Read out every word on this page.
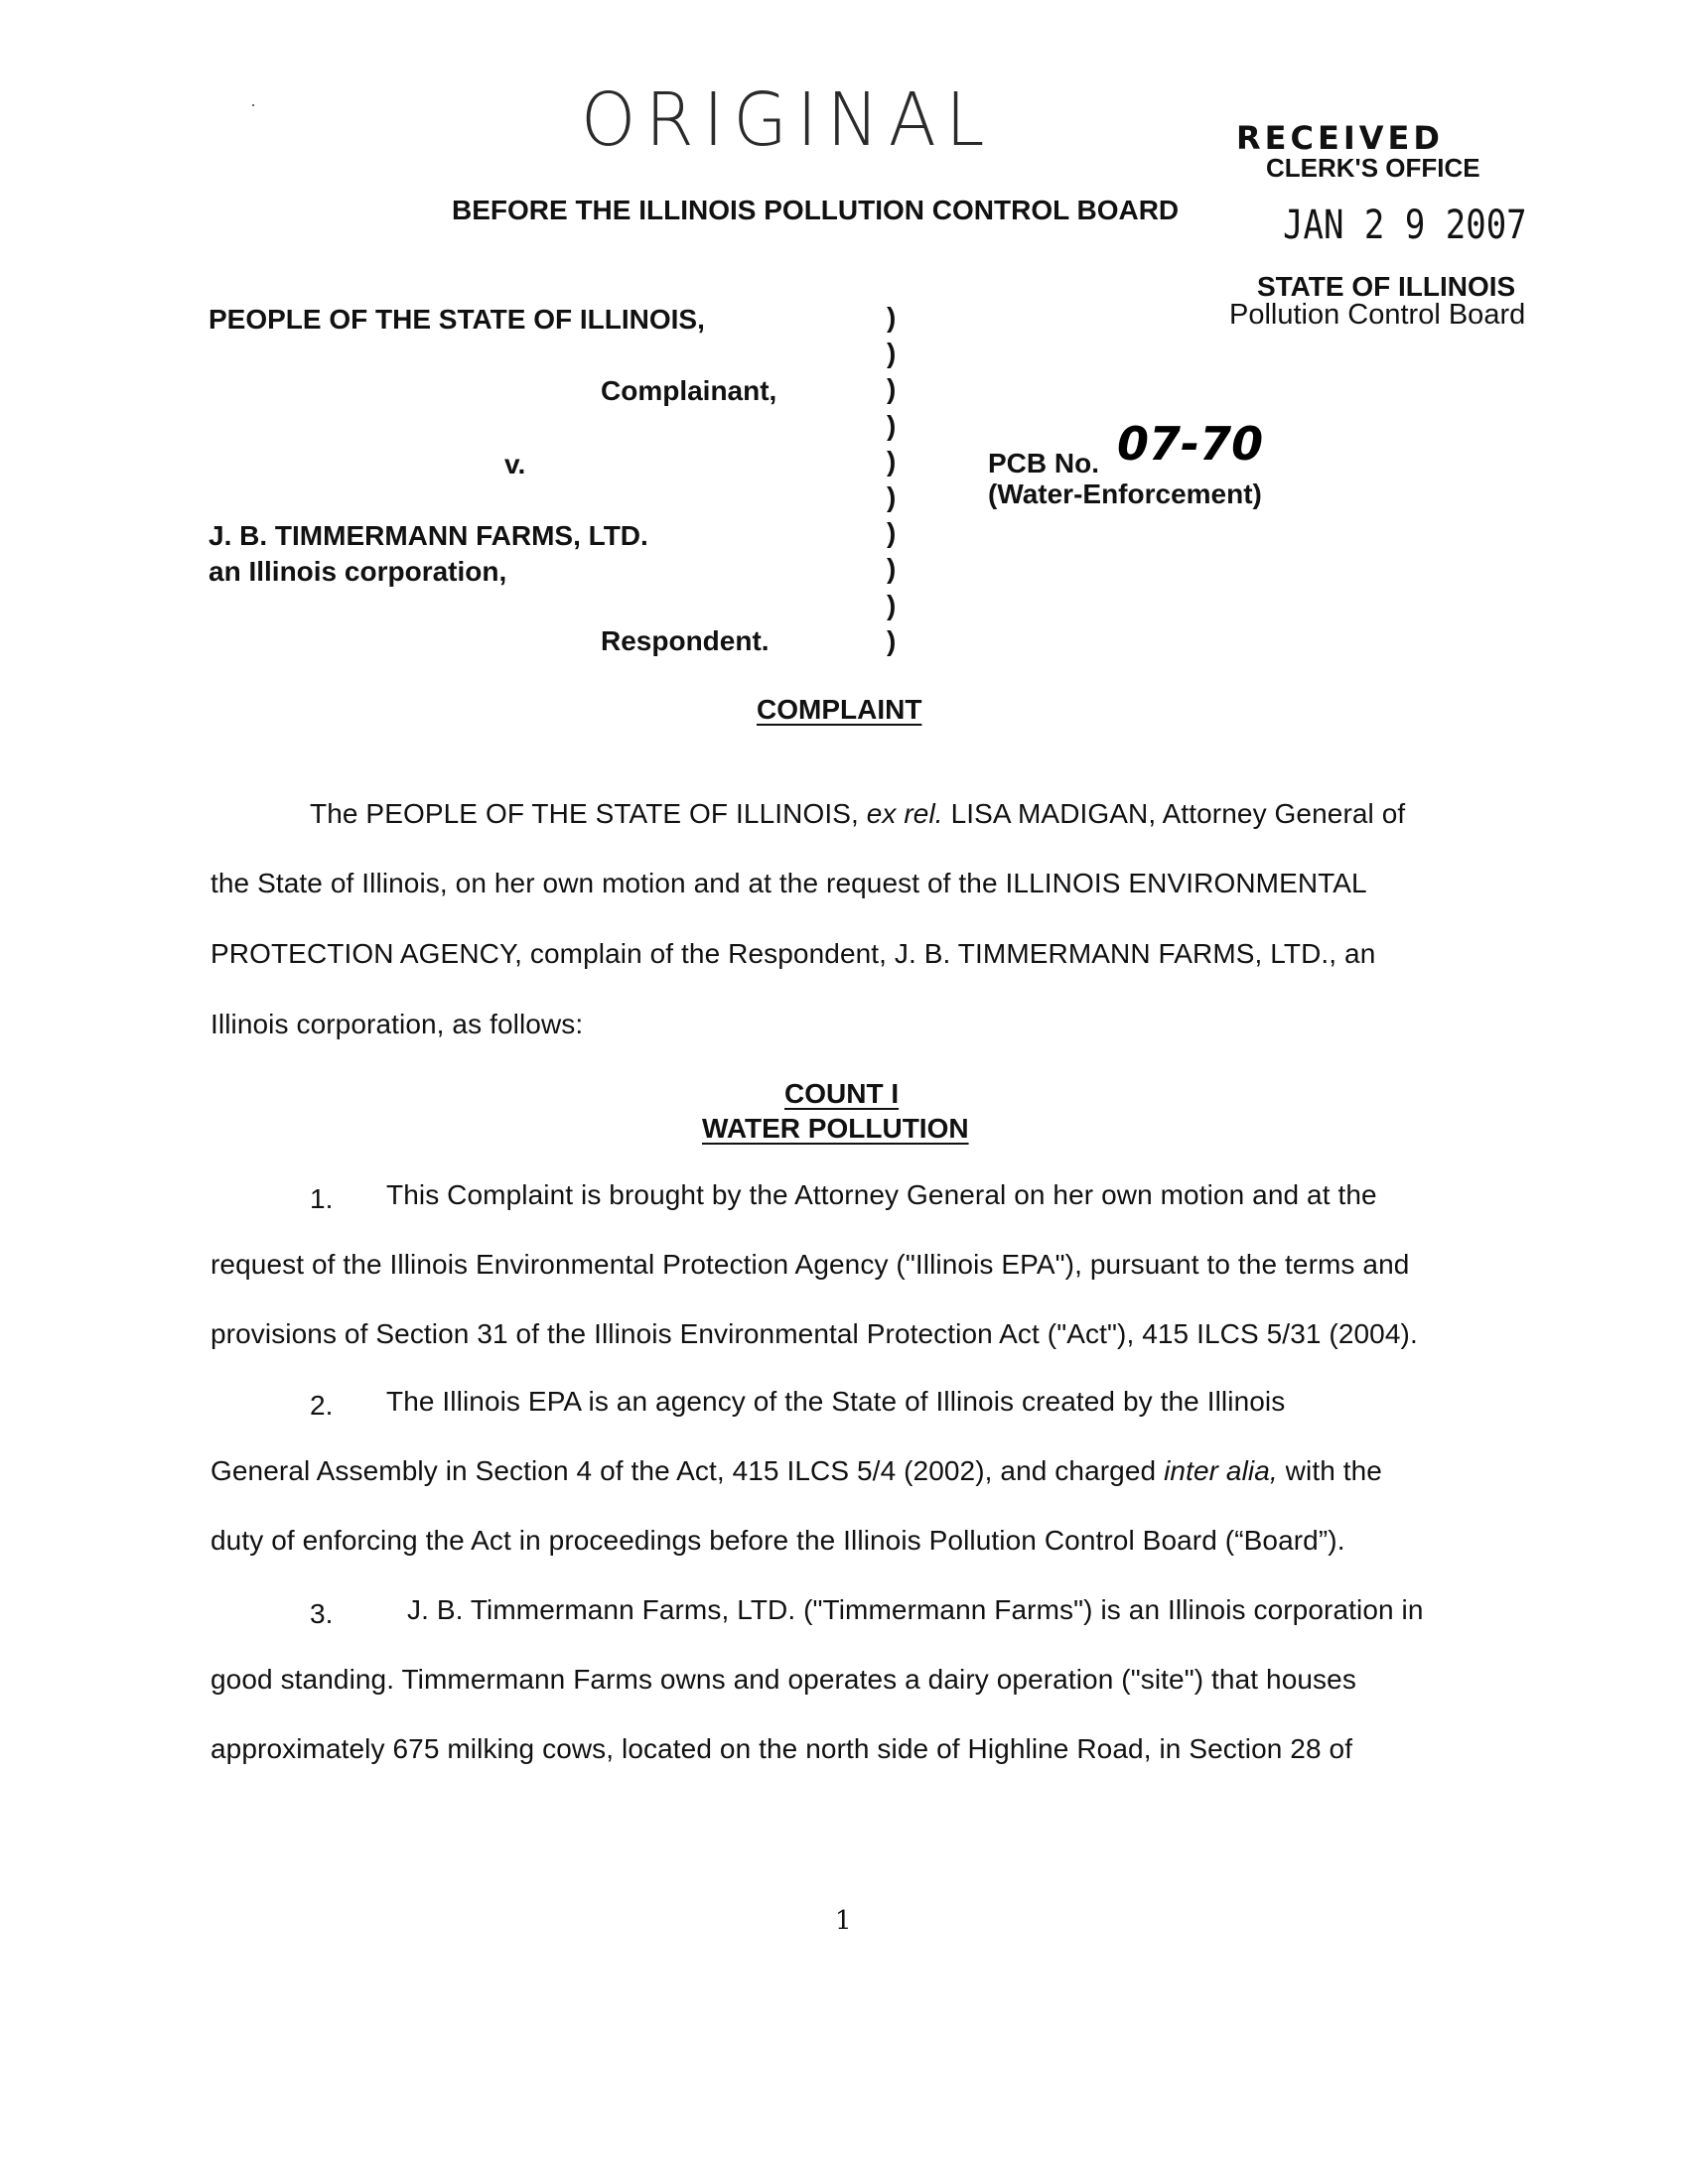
ORIGINAL	RECEIVED
CLERK'S OFFICE
JAN 2 9 2007
STATE OF ILLINOIS
Pollution Control Board
BEFORE THE ILLINOIS POLLUTION CONTROL BOARD
PEOPLE OF THE STATE OF ILLINOIS,
Complainant,
v.
J. B. TIMMERMANN FARMS, LTD.
an Illinois corporation,
Respondent.
)
)
)
)
)
)
)
)
)
)
PCB No. 07-70
(Water-Enforcement)
COMPLAINT
The PEOPLE OF THE STATE OF ILLINOIS, ex rel. LISA MADIGAN, Attorney General of
the State of Illinois, on her own motion and at the request of the ILLINOIS ENVIRONMENTAL
PROTECTION AGENCY, complain of the Respondent, J. B. TIMMERMANN FARMS, LTD., an
Illinois corporation, as follows:
COUNT I
WATER POLLUTION
1. This Complaint is brought by the Attorney General on her own motion and at the
request of the Illinois Environmental Protection Agency ("Illinois EPA"), pursuant to the terms and
provisions of Section 31 of the Illinois Environmental Protection Act ("Act"), 415 ILCS 5/31 (2004).
2. The Illinois EPA is an agency of the State of Illinois created by the Illinois
General Assembly in Section 4 of the Act, 415 ILCS 5/4 (2002), and charged inter alia, with the
duty of enforcing the Act in proceedings before the Illinois Pollution Control Board (“Board”).
3.	J. B. Timmermann Farms, LTD. ("Timmermann Farms") is an Illinois corporation in
good standing. Timmermann Farms owns and operates a dairy operation ("site") that houses
approximately 675 milking cows, located on the north side of Highline Road, in Section 28 of
1
